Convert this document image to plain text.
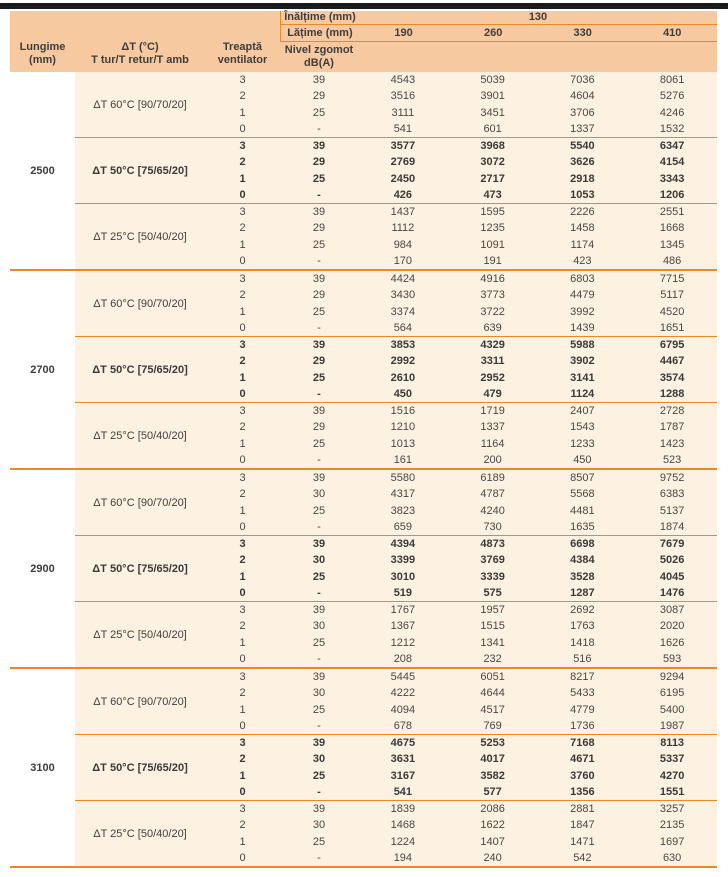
Lungime
(mm)
ΔT (°C)
T tur/T retur/T amb
Treaptă
ventilator
Înălțime (mm)	130
Lățime (mm)	190	260	330	410
Nivel zgomot
dB(A)
2500
ΔT 60°C [90/70/20]
3	39	4543	5039	7036	8061
2	29	3516	3901	4604	5276
1	25	3111	3451	3706	4246
0	-	541	601	1337	1532
ΔT 50°C [75/65/20]
3	39	3577	3968	5540	6347
2	29	2769	3072	3626	4154
1	25	2450	2717	2918	3343
0	-	426	473	1053	1206
ΔT 25°C [50/40/20]
3	39	1437	1595	2226	2551
2	29	1112	1235	1458	1668
1	25	984	1091	1174	1345
0	-	170	191	423	486
2700
ΔT 60°C [90/70/20]
3	39	4424	4916	6803	7715
2	29	3430	3773	4479	5117
1	25	3374	3722	3992	4520
0	-	564	639	1439	1651
ΔT 50°C [75/65/20]
3	39	3853	4329	5988	6795
2	29	2992	3311	3902	4467
1	25	2610	2952	3141	3574
0	-	450	479	1124	1288
ΔT 25°C [50/40/20]
3	39	1516	1719	2407	2728
2	29	1210	1337	1543	1787
1	25	1013	1164	1233	1423
0	-	161	200	450	523
2900
ΔT 60°C [90/70/20]
3	39	5580	6189	8507	9752
2	30	4317	4787	5568	6383
1	25	3823	4240	4481	5137
0	-	659	730	1635	1874
ΔT 50°C [75/65/20]
3	39	4394	4873	6698	7679
2	30	3399	3769	4384	5026
1	25	3010	3339	3528	4045
0	-	519	575	1287	1476
ΔT 25°C [50/40/20]
3	39	1767	1957	2692	3087
2	30	1367	1515	1763	2020
1	25	1212	1341	1418	1626
0	-	208	232	516	593
3100
ΔT 60°C [90/70/20]
3	39	5445	6051	8217	9294
2	30	4222	4644	5433	6195
1	25	4094	4517	4779	5400
0	-	678	769	1736	1987
ΔT 50°C [75/65/20]
3	39	4675	5253	7168	8113
2	30	3631	4017	4671	5337
1	25	3167	3582	3760	4270
0	-	541	577	1356	1551
ΔT 25°C [50/40/20]
3	39	1839	2086	2881	3257
2	30	1468	1622	1847	2135
1	25	1224	1407	1471	1697
0	-	194	240	542	630
